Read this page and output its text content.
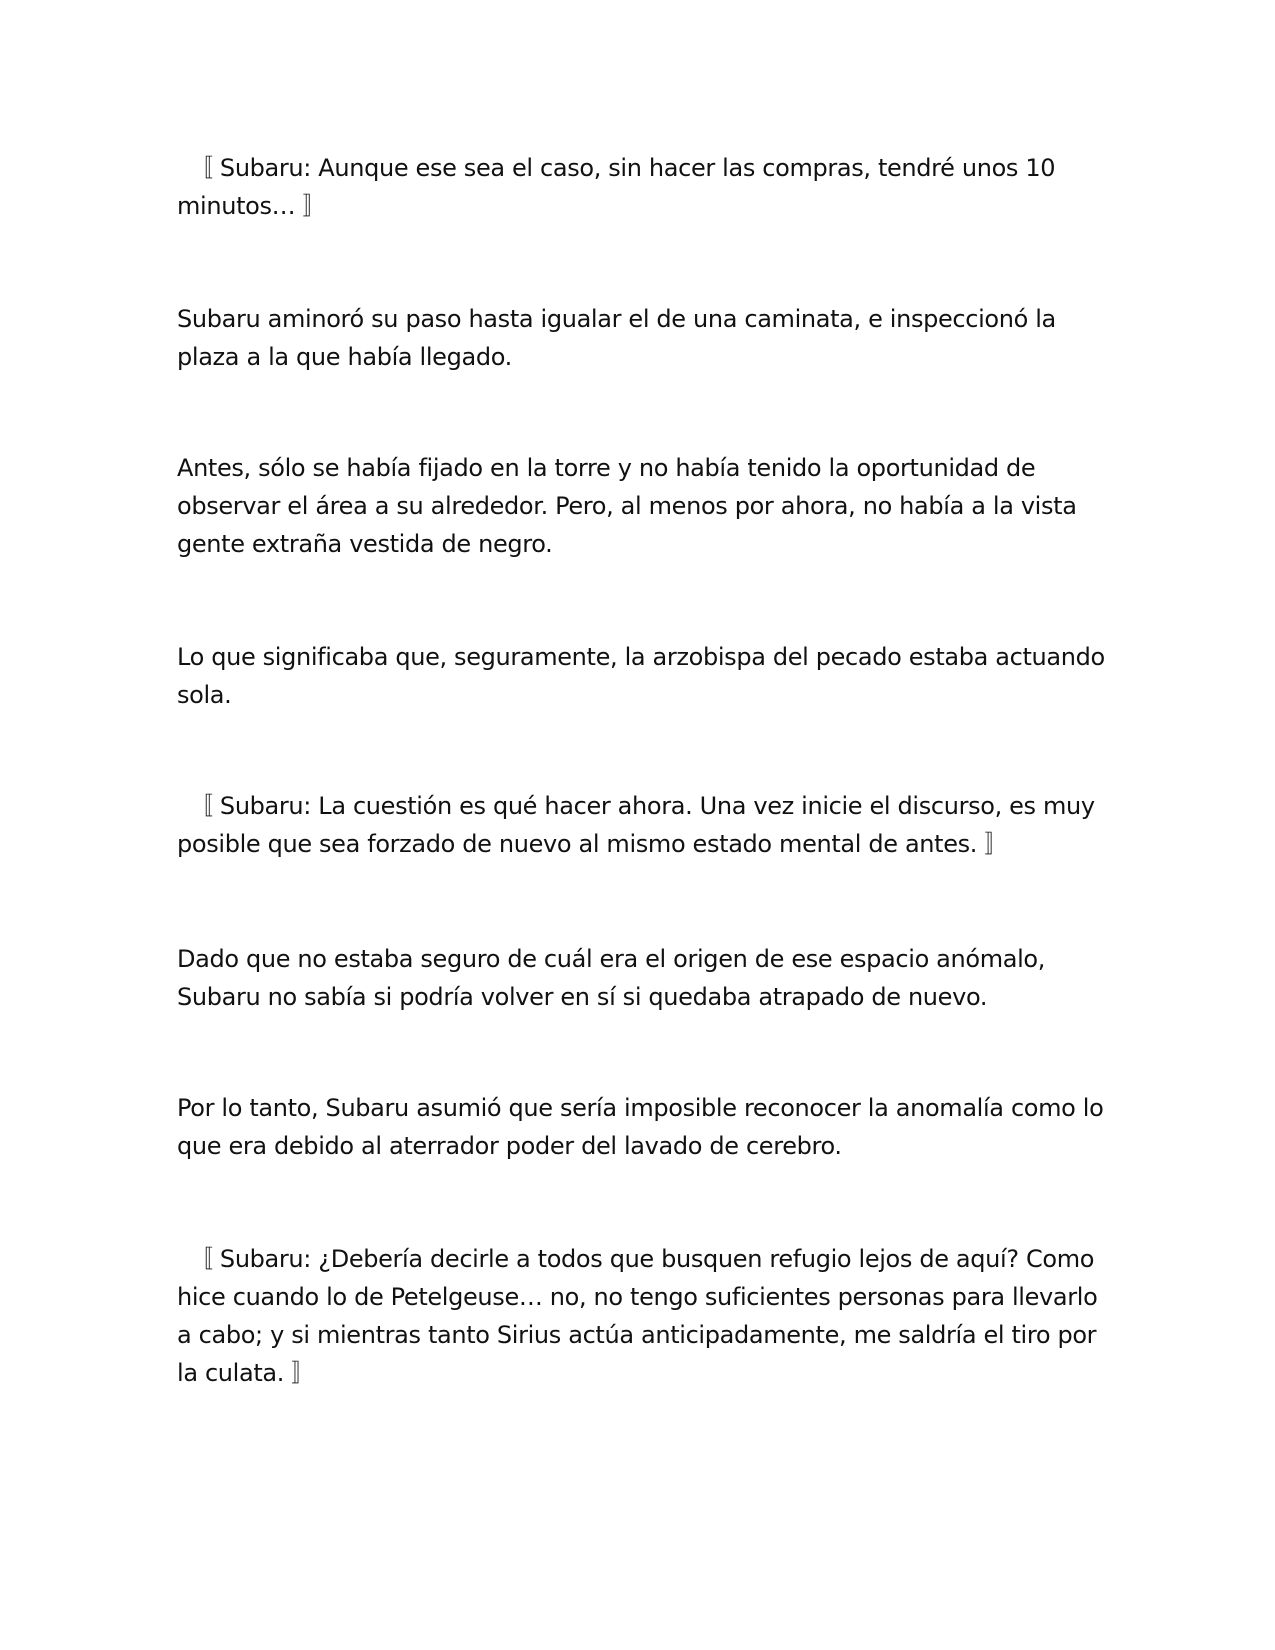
〚 Subaru: Aunque ese sea el caso, sin hacer las compras, tendré unos 10 minutos… 〛

Subaru aminoró su paso hasta igualar el de una caminata, e inspeccionó la plaza a la que había llegado.

Antes, sólo se había fijado en la torre y no había tenido la oportunidad de observar el área a su alrededor. Pero, al menos por ahora, no había a la vista gente extraña vestida de negro.

Lo que significaba que, seguramente, la arzobispa del pecado estaba actuando sola.

〚 Subaru: La cuestión es qué hacer ahora. Una vez inicie el discurso, es muy posible que sea forzado de nuevo al mismo estado mental de antes. 〛

Dado que no estaba seguro de cuál era el origen de ese espacio anómalo, Subaru no sabía si podría volver en sí si quedaba atrapado de nuevo.

Por lo tanto, Subaru asumió que sería imposible reconocer la anomalía como lo que era debido al aterrador poder del lavado de cerebro.

〚 Subaru: ¿Debería decirle a todos que busquen refugio lejos de aquí? Como hice cuando lo de Petelgeuse… no, no tengo suficientes personas para llevarlo a cabo; y si mientras tanto Sirius actúa anticipadamente, me saldría el tiro por la culata. 〛
